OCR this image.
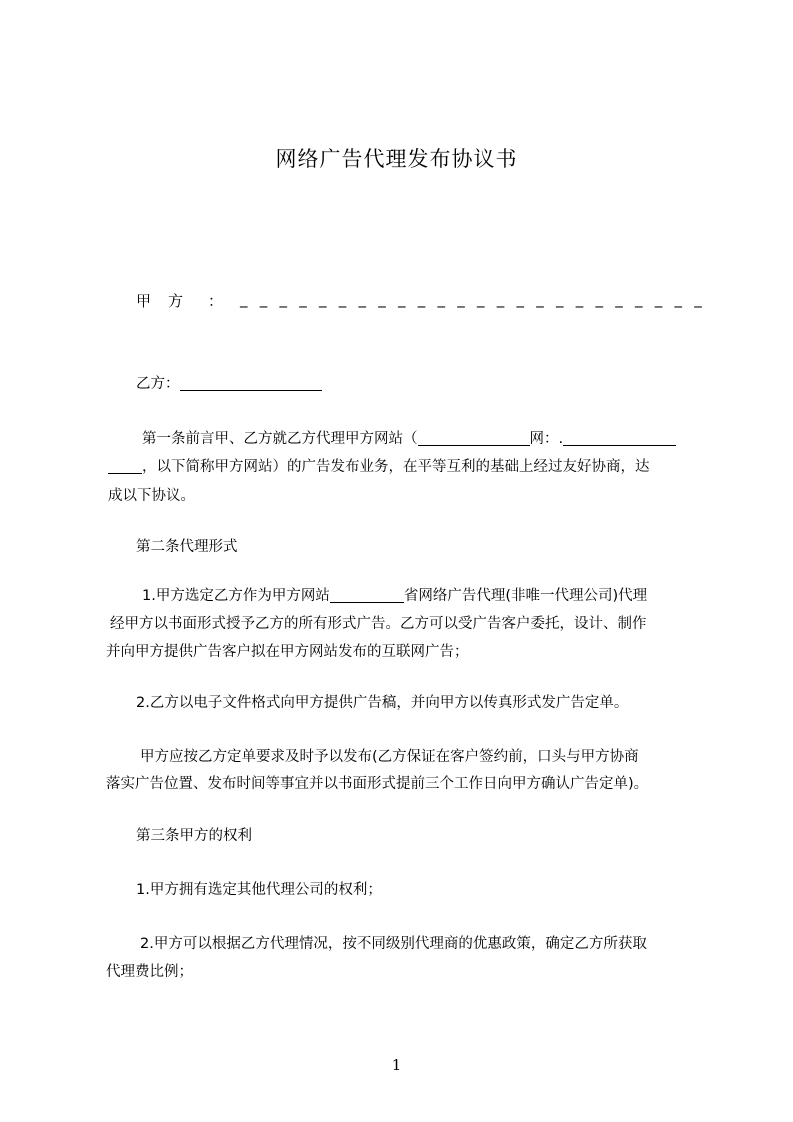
网络广告代理发布协议书
甲方 ： _ _ _ _ _ _ _ _ _ _ _ _ _ _ _ _ _ _ _ _ _ _ _ _
乙方：
第一条前言甲、乙方就乙方代理甲方网站（	网：.
，以下简称甲方网站）的广告发布业务，在平等互利的基础上经过友好协商，达
成以下协议。
第二条代理形式
1.甲方选定乙方作为甲方网站	省网络广告代理(非唯一代理公司)代理
经甲方以书面形式授予乙方的所有形式广告。乙方可以受广告客户委托，设计、制作
并向甲方提供广告客户拟在甲方网站发布的互联网广告；
2.乙方以电子文件格式向甲方提供广告稿，并向甲方以传真形式发广告定单。
甲方应按乙方定单要求及时予以发布(乙方保证在客户签约前，口头与甲方协商
落实广告位置、发布时间等事宜并以书面形式提前三个工作日向甲方确认广告定单)。
第三条甲方的权利
1.甲方拥有选定其他代理公司的权利；
2.甲方可以根据乙方代理情况，按不同级别代理商的优惠政策，确定乙方所获取
代理费比例；
1
